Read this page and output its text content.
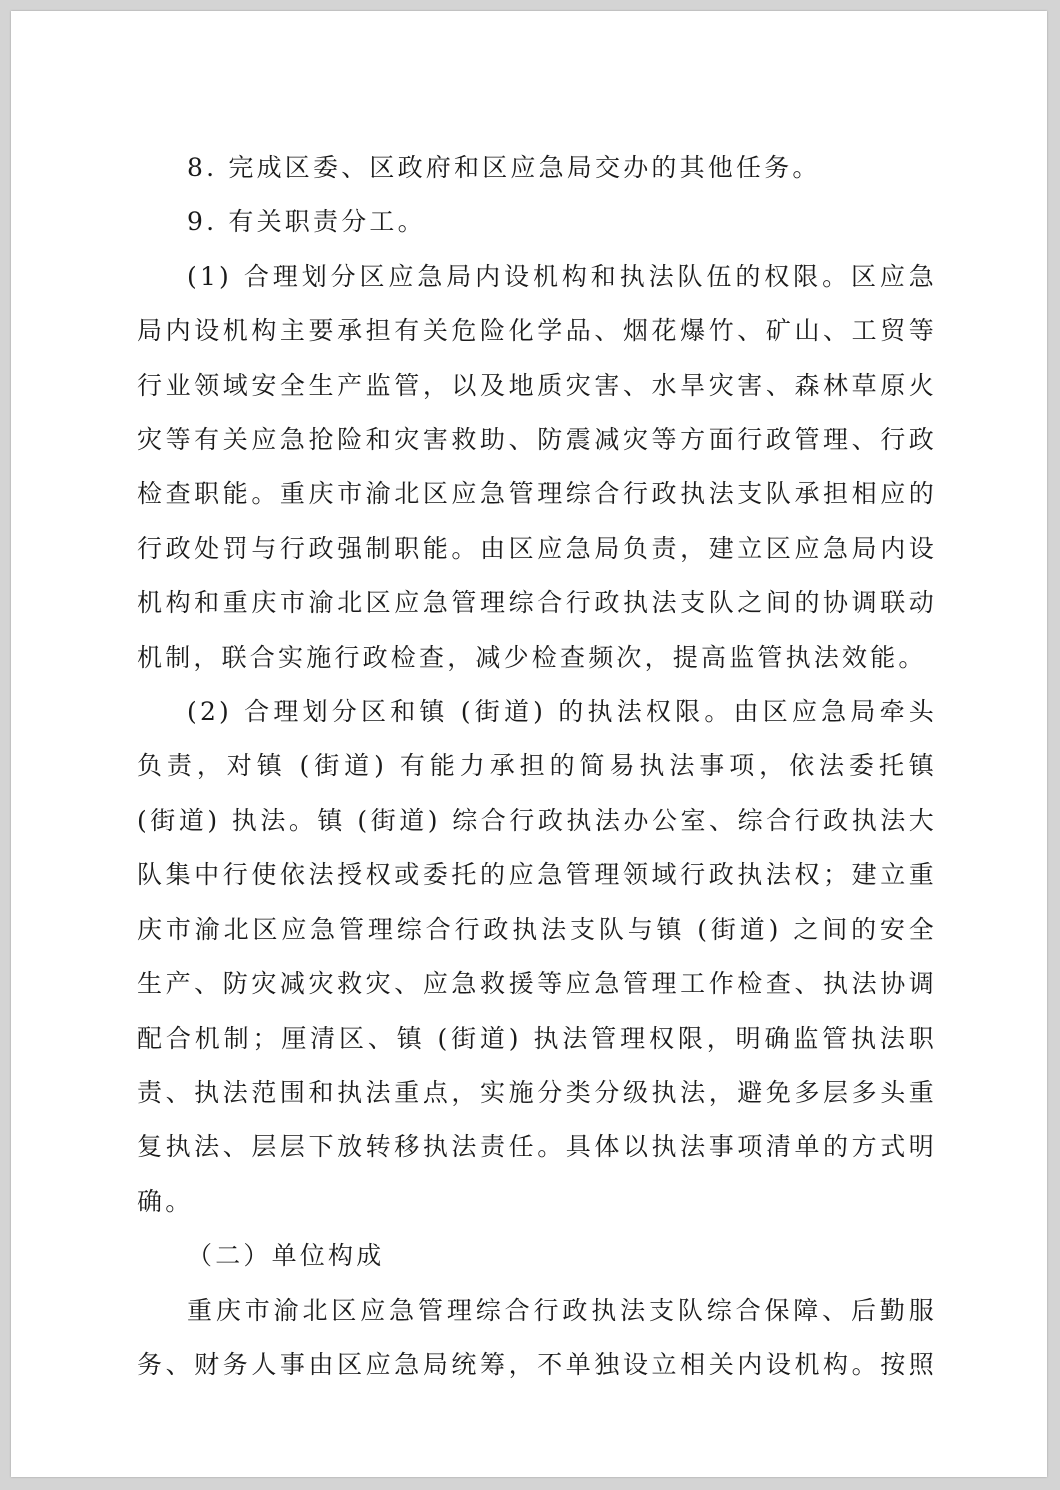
8. 完成区委、区政府和区应急局交办的其他任务。

9. 有关职责分工。

(1) 合理划分区应急局内设机构和执法队伍的权限。区应急局内设机构主要承担有关危险化学品、烟花爆竹、矿山、工贸等行业领域安全生产监管，以及地质灾害、水旱灾害、森林草原火灾等有关应急抢险和灾害救助、防震减灾等方面行政管理、行政检查职能。重庆市渝北区应急管理综合行政执法支队承担相应的行政处罚与行政强制职能。由区应急局负责，建立区应急局内设机构和重庆市渝北区应急管理综合行政执法支队之间的协调联动机制，联合实施行政检查，减少检查频次，提高监管执法效能。

(2) 合理划分区和镇 (街道) 的执法权限。由区应急局牵头负责，对镇 (街道) 有能力承担的简易执法事项，依法委托镇 (街道) 执法。镇 (街道) 综合行政执法办公室、综合行政执法大队集中行使依法授权或委托的应急管理领域行政执法权；建立重庆市渝北区应急管理综合行政执法支队与镇 (街道) 之间的安全生产、防灾减灾救灾、应急救援等应急管理工作检查、执法协调配合机制；厘清区、镇 (街道) 执法管理权限，明确监管执法职责、执法范围和执法重点，实施分类分级执法，避免多层多头重复执法、层层下放转移执法责任。具体以执法事项清单的方式明确。

（二）单位构成

重庆市渝北区应急管理综合行政执法支队综合保障、后勤服务、财务人事由区应急局统筹，不单独设立相关内设机构。按照
